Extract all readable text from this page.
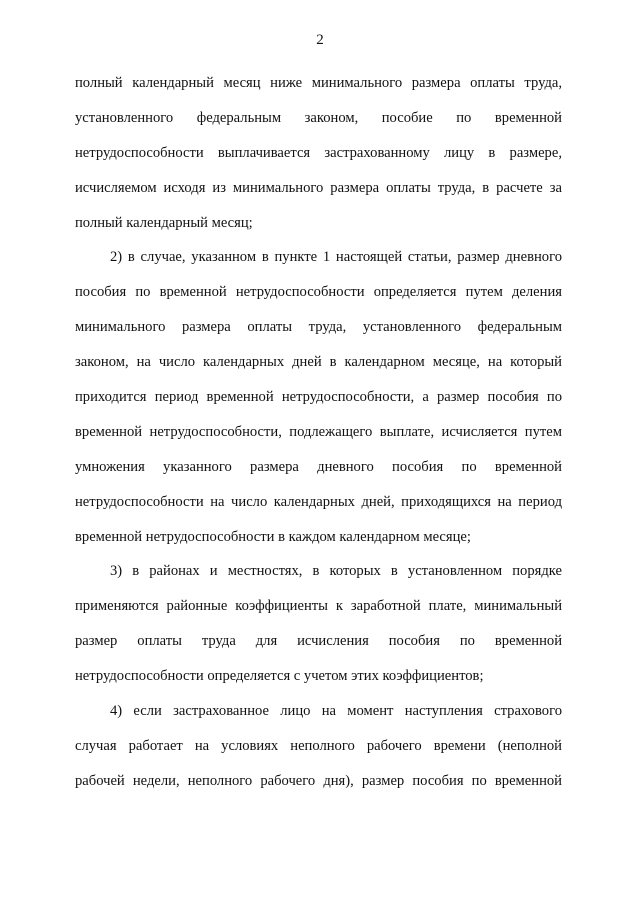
2
полный календарный месяц ниже минимального размера оплаты труда,
установленного федеральным законом, пособие по временной
нетрудоспособности выплачивается застрахованному лицу в размере,
исчисляемом исходя из минимального размера оплаты труда, в расчете за
полный календарный месяц;
2) в случае, указанном в пункте 1 настоящей статьи, размер дневного
пособия по временной нетрудоспособности определяется путем деления
минимального размера оплаты труда, установленного федеральным
законом, на число календарных дней в календарном месяце, на который
приходится период временной нетрудоспособности, а размер пособия по
временной нетрудоспособности, подлежащего выплате, исчисляется путем
умножения указанного размера дневного пособия по временной
нетрудоспособности на число календарных дней, приходящихся на период
временной нетрудоспособности в каждом календарном месяце;
3) в районах и местностях, в которых в установленном порядке
применяются районные коэффициенты к заработной плате, минимальный
размер оплаты труда для исчисления пособия по временной
нетрудоспособности определяется с учетом этих коэффициентов;
4) если застрахованное лицо на момент наступления страхового
случая работает на условиях неполного рабочего времени (неполной
рабочей недели, неполного рабочего дня), размер пособия по временной
